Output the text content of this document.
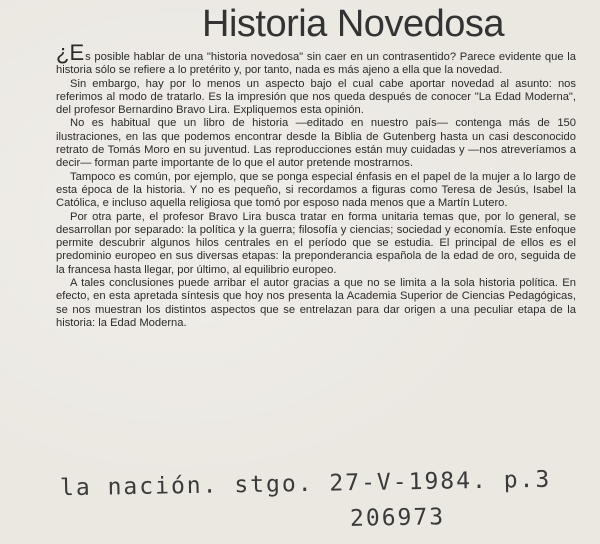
Historia Novedosa

¿Es posible hablar de una "historia novedosa" sin caer en un contrasentido? Parece evidente que la historia sólo se refiere a lo pretérito y, por tanto, nada es más ajeno a ella que la novedad.

Sin embargo, hay por lo menos un aspecto bajo el cual cabe aportar novedad al asunto: nos referimos al modo de tratarlo. Es la impresión que nos queda después de conocer "La Edad Moderna", del profesor Bernardino Bravo Lira. Expliquemos esta opinión.

No es habitual que un libro de historia —editado en nuestro país— contenga más de 150 ilustraciones, en las que podemos encontrar desde la Biblia de Gutenberg hasta un casi desconocido retrato de Tomás Moro en su juventud. Las reproducciones están muy cuidadas y —nos atreveríamos a decir— forman parte importante de lo que el autor pretende mostrarnos.

Tampoco es común, por ejemplo, que se ponga especial énfasis en el papel de la mujer a lo largo de esta época de la historia. Y no es pequeño, si recordamos a figuras como Teresa de Jesús, Isabel la Católica, e incluso aquella religiosa que tomó por esposo nada menos que a Martín Lutero.

Por otra parte, el profesor Bravo Lira busca tratar en forma unitaria temas que, por lo general, se desarrollan por separado: la política y la guerra; filosofía y ciencias; sociedad y economía. Este enfoque permite descubrir algunos hilos centrales en el período que se estudia. El principal de ellos es el predominio europeo en sus diversas etapas: la preponderancia española de la edad de oro, seguida de la francesa hasta llegar, por último, al equilibrio europeo.

A tales conclusiones puede arribar el autor gracias a que no se limita a la sola historia política. En efecto, en esta apretada síntesis que hoy nos presenta la Academia Superior de Ciencias Pedagógicas, se nos muestran los distintos aspectos que se entrelazan para dar origen a una peculiar etapa de la historia: la Edad Moderna.

la nación. stgo. 27-V-1984. p.3
206973
